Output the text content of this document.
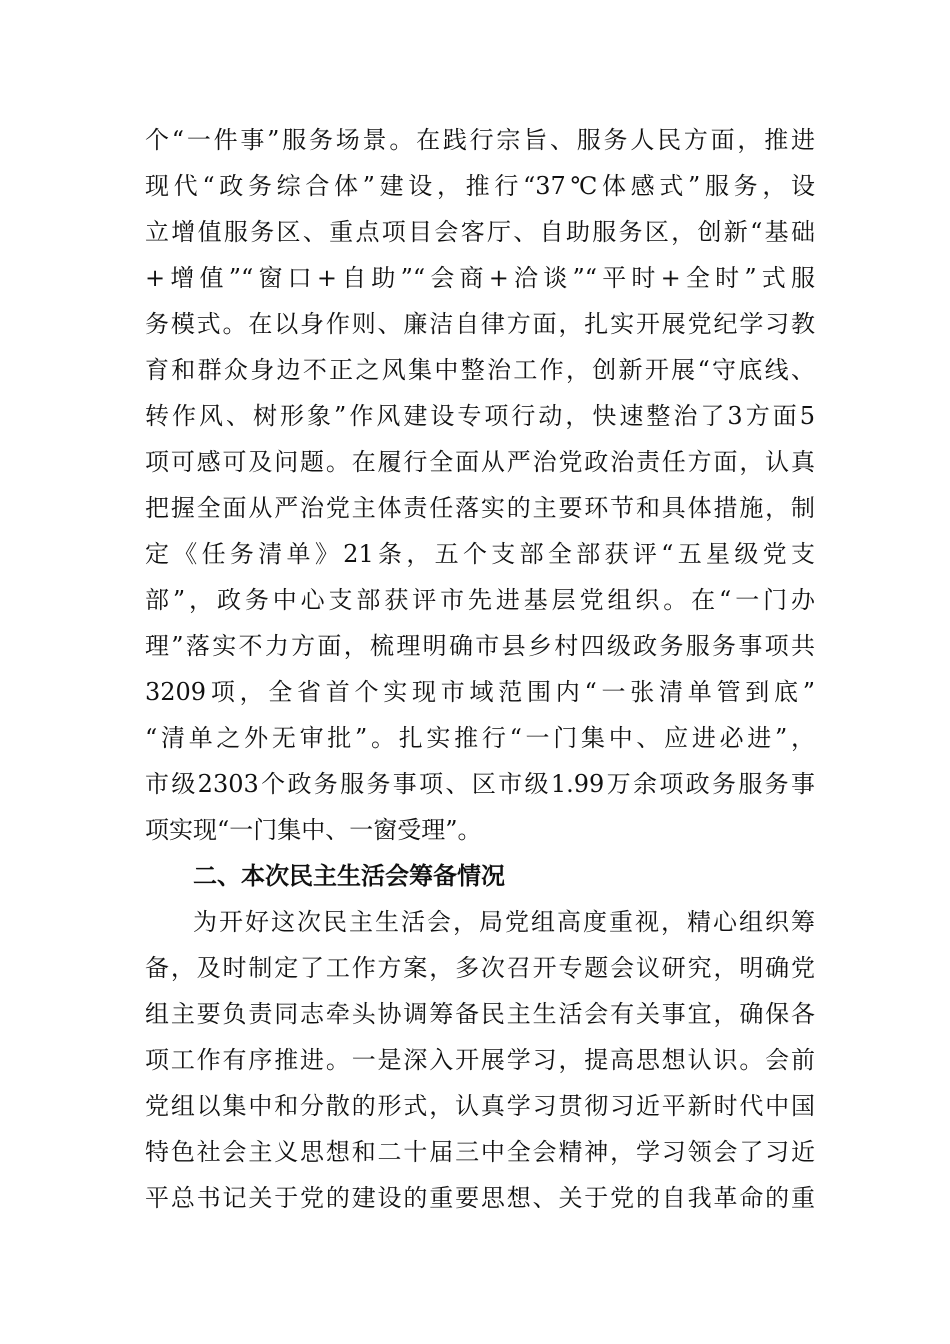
个“一件事”服务场景。在践行宗旨、服务人民方面，推进
现代“政务综合体”建设，推行“37℃体感式”服务，设
立增值服务区、重点项目会客厅、自助服务区，创新“基础
+增值”“窗口+自助”“会商+洽谈”“平时+全时”式服
务模式。在以身作则、廉洁自律方面，扎实开展党纪学习教
育和群众身边不正之风集中整治工作，创新开展“守底线、
转作风、树形象”作风建设专项行动，快速整治了3方面5
项可感可及问题。在履行全面从严治党政治责任方面，认真
把握全面从严治党主体责任落实的主要环节和具体措施，制
定《任务清单》21条，五个支部全部获评“五星级党支
部”，政务中心支部获评市先进基层党组织。在“一门办
理”落实不力方面，梳理明确市县乡村四级政务服务事项共
3209项，全省首个实现市域范围内“一张清单管到底”
“清单之外无审批”。扎实推行“一门集中、应进必进”，
市级2303个政务服务事项、区市级1.99万余项政务服务事
项实现“一门集中、一窗受理”。
二、本次民主生活会筹备情况
为开好这次民主生活会，局党组高度重视，精心组织筹
备，及时制定了工作方案，多次召开专题会议研究，明确党
组主要负责同志牵头协调筹备民主生活会有关事宜，确保各
项工作有序推进。一是深入开展学习，提高思想认识。会前
党组以集中和分散的形式，认真学习贯彻习近平新时代中国
特色社会主义思想和二十届三中全会精神，学习领会了习近
平总书记关于党的建设的重要思想、关于党的自我革命的重
